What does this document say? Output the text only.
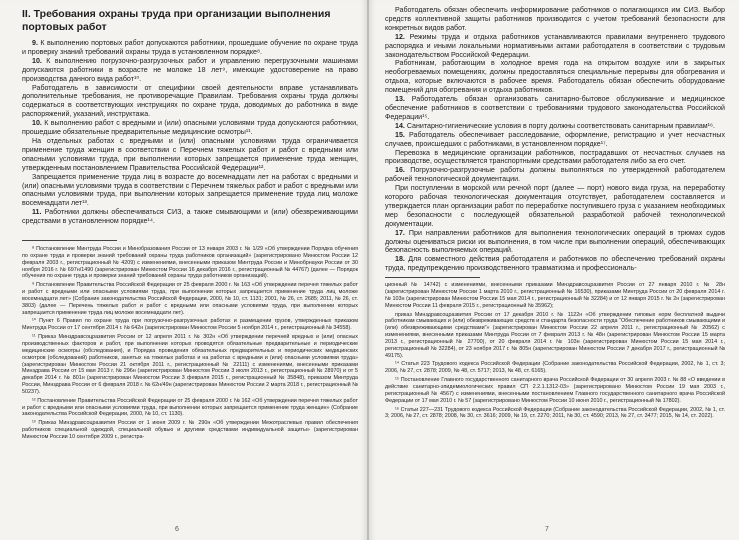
II. Требования охраны труда при организации выполнения портовых работ

9. К выполнению портовых работ допускаются работники, прошедшие обучение по охране труда и проверку знаний требований охраны труда в установленном порядке⁸.

10. К выполнению погрузочно-разгрузочных работ и управлению перегрузочными машинами допускаются работники в возрасте не моложе 18 лет⁹, имеющие удостоверение на право производства данного вида работ¹⁰.

Работодатель в зависимости от специфики своей деятельности вправе устанавливать дополнительные требования, не противоречащие Правилам. Требования охраны труда должны содержаться в соответствующих инструкциях по охране труда, доводимых до работника в виде распоряжений, указаний, инструктажа.

10. К выполнению работ с вредными и (или) опасными условиями труда допускаются работники, прошедшие обязательные предварительные медицинские осмотры¹¹.

На отдельных работах с вредными и (или) опасными условиями труда ограничивается применение труда женщин в соответствии с Перечнем тяжелых работ и работ с вредными или опасными условиями труда, при выполнении которых запрещается применение труда женщин, утвержденным постановлением Правительства Российской Федерации¹².

Запрещается применение труда лиц в возрасте до восемнадцати лет на работах с вредными и (или) опасными условиями труда в соответствии с Перечнем тяжелых работ и работ с вредными или опасными условиями труда, при выполнении которых запрещается применение труда лиц моложе восемнадцати лет¹³.

11. Работники должны обеспечиваться СИЗ, а также смывающими и (или) обезвреживающими средствами в установленном порядке¹⁴.

⁸ Постановление Минтруда России и Минобразования России от 13 января 2003 г. № 1/29 «Об утверждении Порядка обучения по охране труда и проверки знаний требований охраны труда работников организаций» (зарегистрировано Минюстом России 12 февраля 2003 г., регистрационный № 4209) с изменениями, внесенными приказом Минтруда России и Минобрнауки России от 30 ноября 2016 г. № 697н/1490 (зарегистрирован Минюстом России 16 декабря 2016 г., регистрационный № 44767) (далее — Порядок обучения по охране труда и проверки знаний требований охраны труда работников организаций).

⁹ Постановление Правительства Российской Федерации от 25 февраля 2000 г. № 163 «Об утверждении перечня тяжелых работ и работ с вредными или опасными условиями труда, при выполнении которых запрещается применение труда лиц моложе восемнадцати лет» (Собрание законодательства Российской Федерации, 2000, № 10, ст. 1131; 2001, № 26, ст. 2685; 2011, № 26, ст. 3803) (далее — Перечень тяжелых работ и работ с вредными или опасными условиями труда, при выполнении которых запрещается применение труда лиц моложе восемнадцати лет).

¹⁰ Пункт 6 Правил по охране труда при погрузочно-разгрузочных работах и размещении грузов, утвержденных приказом Минтруда России от 17 сентября 2014 г. № 642н (зарегистрирован Минюстом России 5 ноября 2014 г., регистрационный № 34558).

¹¹ Приказ Минздравсоцразвития России от 12 апреля 2011 г. № 302н «Об утверждении перечней вредных и (или) опасных производственных факторов и работ, при выполнении которых проводятся обязательные предварительные и периодические медицинские осмотры (обследования), и Порядка проведения обязательных предварительных и периодических медицинских осмотров (обследований) работников, занятых на тяжелых работах и на работах с вредными и (или) опасными условиями труда» (зарегистрирован Минюстом России 21 октября 2011 г., регистрационный № 22111) с изменениями, внесенными приказами Минздрава России от 15 мая 2013 г. № 296н (зарегистрирован Минюстом России 3 июля 2013 г., регистрационный № 28970) и от 5 декабря 2014 г. № 801н (зарегистрирован Минюстом России 3 февраля 2015 г., регистрационный № 35848), приказом Минтруда России, Минздрава России от 6 февраля 2018 г. № 62н/49н (зарегистрирован Минюстом России 2 марта 2018 г., регистрационный № 50237).

¹² Постановление Правительства Российской Федерации от 25 февраля 2000 г. № 162 «Об утверждении перечня тяжелых работ и работ с вредными или опасными условиями труда, при выполнении которых запрещается применение труда женщин» (Собрание законодательства Российской Федерации, 2000, № 10, ст. 1130).

¹³ Приказ Минздравсоцразвития России от 1 июня 2009 г. № 290н «Об утверждении Межотраслевых правил обеспечения работников специальной одеждой, специальной обувью и другими средствами индивидуальной защиты» (зарегистрирован Минюстом России 10 сентября 2009 г., регистра-

6

Работодатель обязан обеспечить информирование работников о полагающихся им СИЗ. Выбор средств коллективной защиты работников производится с учетом требований безопасности для конкретных видов работ.

12. Режимы труда и отдыха работников устанавливаются правилами внутреннего трудового распорядка и иными локальными нормативными актами работодателя в соответствии с трудовым законодательством Российской Федерации.

Работникам, работающим в холодное время года на открытом воздухе или в закрытых необогреваемых помещениях, должны предоставляться специальные перерывы для обогревания и отдыха, которые включаются в рабочее время. Работодатель обязан обеспечить оборудование помещений для обогревания и отдыха работников.

13. Работодатель обязан организовать санитарно-бытовое обслуживание и медицинское обеспечение работников в соответствии с требованиями трудового законодательства Российской Федерации¹⁵.

14. Санитарно-гигиенические условия в порту должны соответствовать санитарным правилам¹⁶.

15. Работодатель обеспечивает расследование, оформление, регистрацию и учет несчастных случаев, происшедших с работниками, в установленном порядке¹⁷.

Перевозка в медицинские организации работников, пострадавших от несчастных случаев на производстве, осуществляется транспортными средствами работодателя либо за его счет.

16. Погрузочно-разгрузочные работы должны выполняться по утвержденной работодателем рабочей технологической документации.

При поступлении в морской или речной порт (далее — порт) нового вида груза, на переработку которого рабочая технологическая документация отсутствует, работодателем составляется и утверждается план организации работ по переработке поступившего груза с указанием необходимых мер безопасности с последующей обязательной разработкой рабочей технологической документации.

17. При направлении работников для выполнения технологических операций в трюмах судов должны оцениваться риски их выполнения, в том числе при выполнении операций, обеспечивающих безопасность выполняемых операций.

18. Для совместного действия работодателя и работников по обеспечению требований охраны труда, предупреждению производственного травматизма и профессиональ-

ционный № 14742) с изменениями, внесенными приказами Минздравсоцразвития России от 27 января 2010 г. № 28н (зарегистрирован Минюстом России 1 марта 2010 г., регистрационный № 16530), приказами Минтруда России от 20 февраля 2014 г. № 103н (зарегистрирован Минюстом России 15 мая 2014 г., регистрационный № 32284) и от 12 января 2015 г. № 2н (зарегистрирован Минюстом России 11 февраля 2015 г., регистрационный № 35962);

приказ Минздравсоцразвития России от 17 декабря 2010 г. № 1122н «Об утверждении типовых норм бесплатной выдачи работникам смывающих и (или) обезвреживающих средств и стандарта безопасности труда "Обеспечение работников смывающими и (или) обезвреживающими средствами"» (зарегистрирован Минюстом России 22 апреля 2011 г., регистрационный № 20562) с изменениями, внесенными приказами Минтруда России от 7 февраля 2013 г. № 48н (зарегистрирован Минюстом России 15 марта 2013 г., регистрационный № 27700), от 20 февраля 2014 г. № 103н (зарегистрирован Минюстом России 15 мая 2014 г., регистрационный № 32284), от 23 ноября 2017 г. № 805н (зарегистрирован Минюстом России 7 декабря 2017 г., регистрационный № 49175).

¹⁴ Статья 223 Трудового кодекса Российской Федерации (Собрание законодательства Российской Федерации, 2002, № 1, ст. 3; 2006, № 27, ст. 2878; 2009, № 48, ст. 5717; 2013, № 48, ст. 6165).

¹⁵ Постановление Главного государственного санитарного врача Российской Федерации от 30 апреля 2003 г. № 88 «О введении в действие санитарно-эпидемиологических правил СП 2.2.1.1312-03» (зарегистрировано Минюстом России 19 мая 2003 г., регистрационный № 4567) с изменениями, внесенными постановлением Главного государственного санитарного врача Российской Федерации от 17 мая 2010 г. № 57 (зарегистрировано Минюстом России 10 июня 2010 г., регистрационный № 17802).

¹⁶ Статьи 227—231 Трудового кодекса Российской Федерации (Собрание законодательства Российской Федерации, 2002, № 1, ст. 3; 2006, № 27, ст. 2878; 2008, № 30, ст. 3616; 2009, № 19, ст. 2270; 2011, № 30, ст. 4590; 2013, № 27, ст. 3477; 2015, № 14, ст. 2022).

7
